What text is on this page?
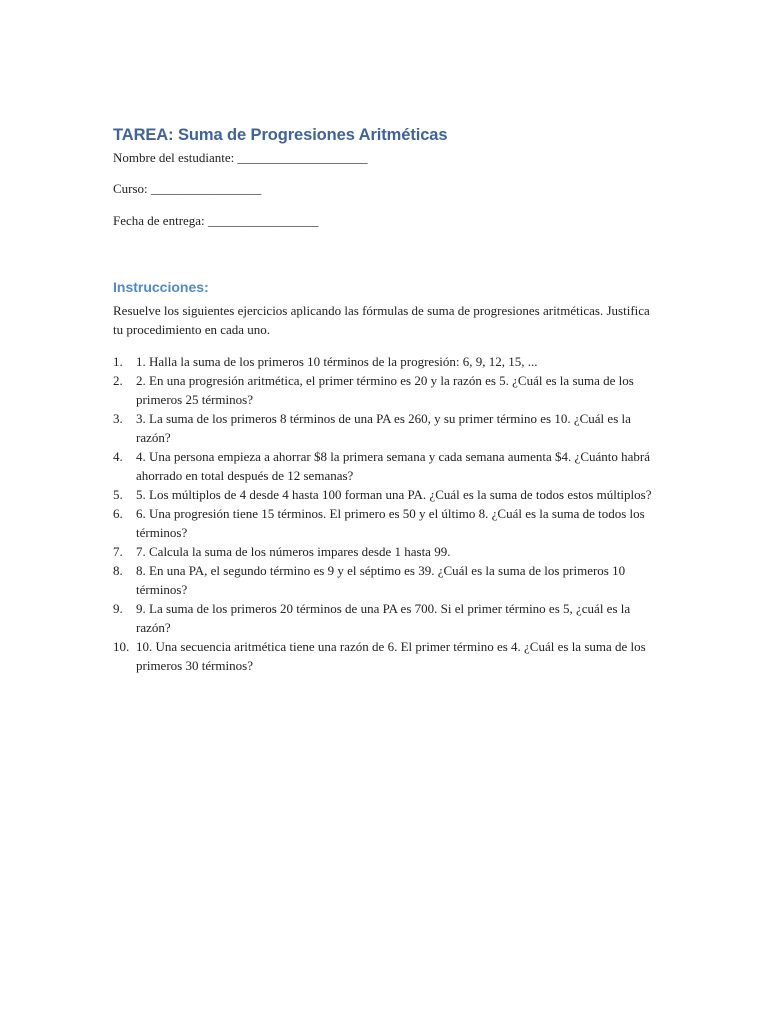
TAREA: Suma de Progresiones Aritméticas

Nombre del estudiante: ____________________

Curso: _________________

Fecha de entrega: _________________

Instrucciones:

Resuelve los siguientes ejercicios aplicando las fórmulas de suma de progresiones aritméticas. Justifica tu procedimiento en cada uno.

1. 1. Halla la suma de los primeros 10 términos de la progresión: 6, 9, 12, 15, ...
2. 2. En una progresión aritmética, el primer término es 20 y la razón es 5. ¿Cuál es la suma de los primeros 25 términos?
3. 3. La suma de los primeros 8 términos de una PA es 260, y su primer término es 10. ¿Cuál es la razón?
4. 4. Una persona empieza a ahorrar $8 la primera semana y cada semana aumenta $4. ¿Cuánto habrá ahorrado en total después de 12 semanas?
5. 5. Los múltiplos de 4 desde 4 hasta 100 forman una PA. ¿Cuál es la suma de todos estos múltiplos?
6. 6. Una progresión tiene 15 términos. El primero es 50 y el último 8. ¿Cuál es la suma de todos los términos?
7. 7. Calcula la suma de los números impares desde 1 hasta 99.
8. 8. En una PA, el segundo término es 9 y el séptimo es 39. ¿Cuál es la suma de los primeros 10 términos?
9. 9. La suma de los primeros 20 términos de una PA es 700. Si el primer término es 5, ¿cuál es la razón?
10. 10. Una secuencia aritmética tiene una razón de 6. El primer término es 4. ¿Cuál es la suma de los primeros 30 términos?
